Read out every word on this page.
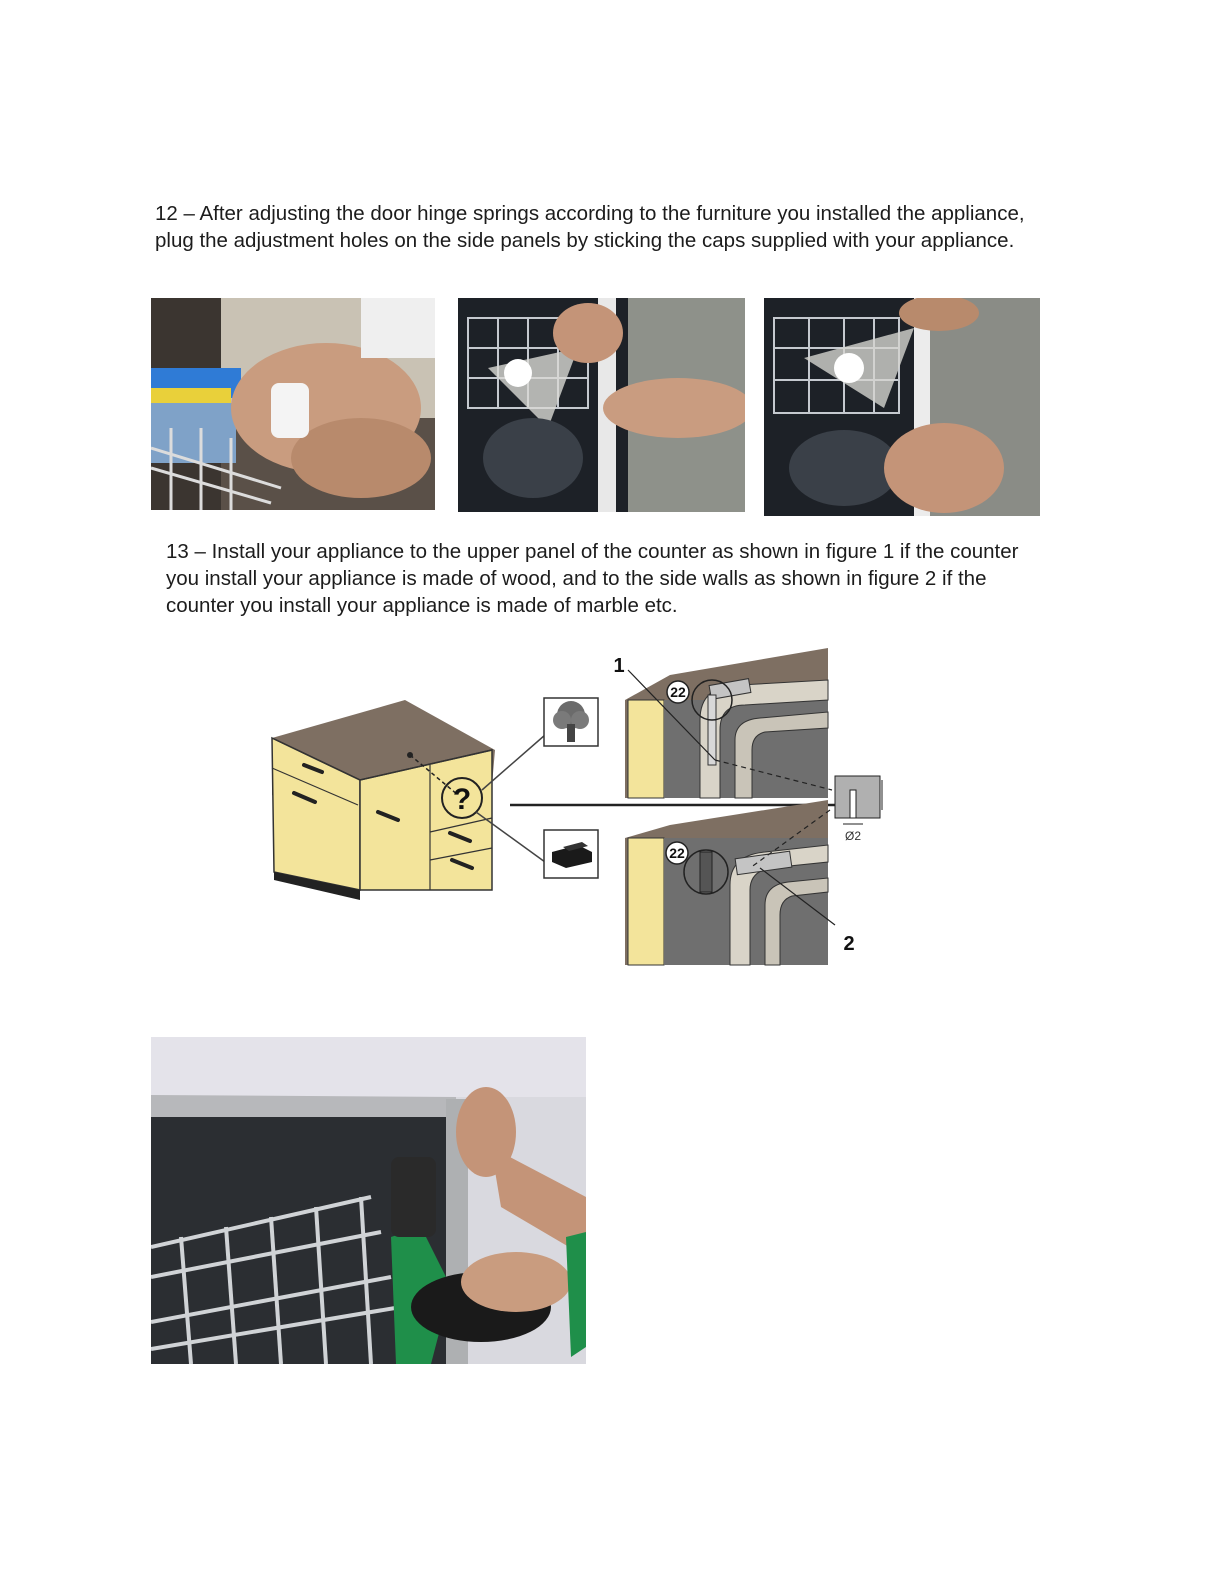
12 – After adjusting the door hinge springs according to the furniture you installed the appliance, plug the adjustment holes on the side panels by sticking the caps supplied with your appliance.

13 – Install your appliance to the upper panel of the counter as shown in figure 1 if the counter you install your appliance is made of wood, and to the side walls as shown in figure 2 if the counter you install your appliance is made of marble etc.

?
22
1
Ø2
22
2
